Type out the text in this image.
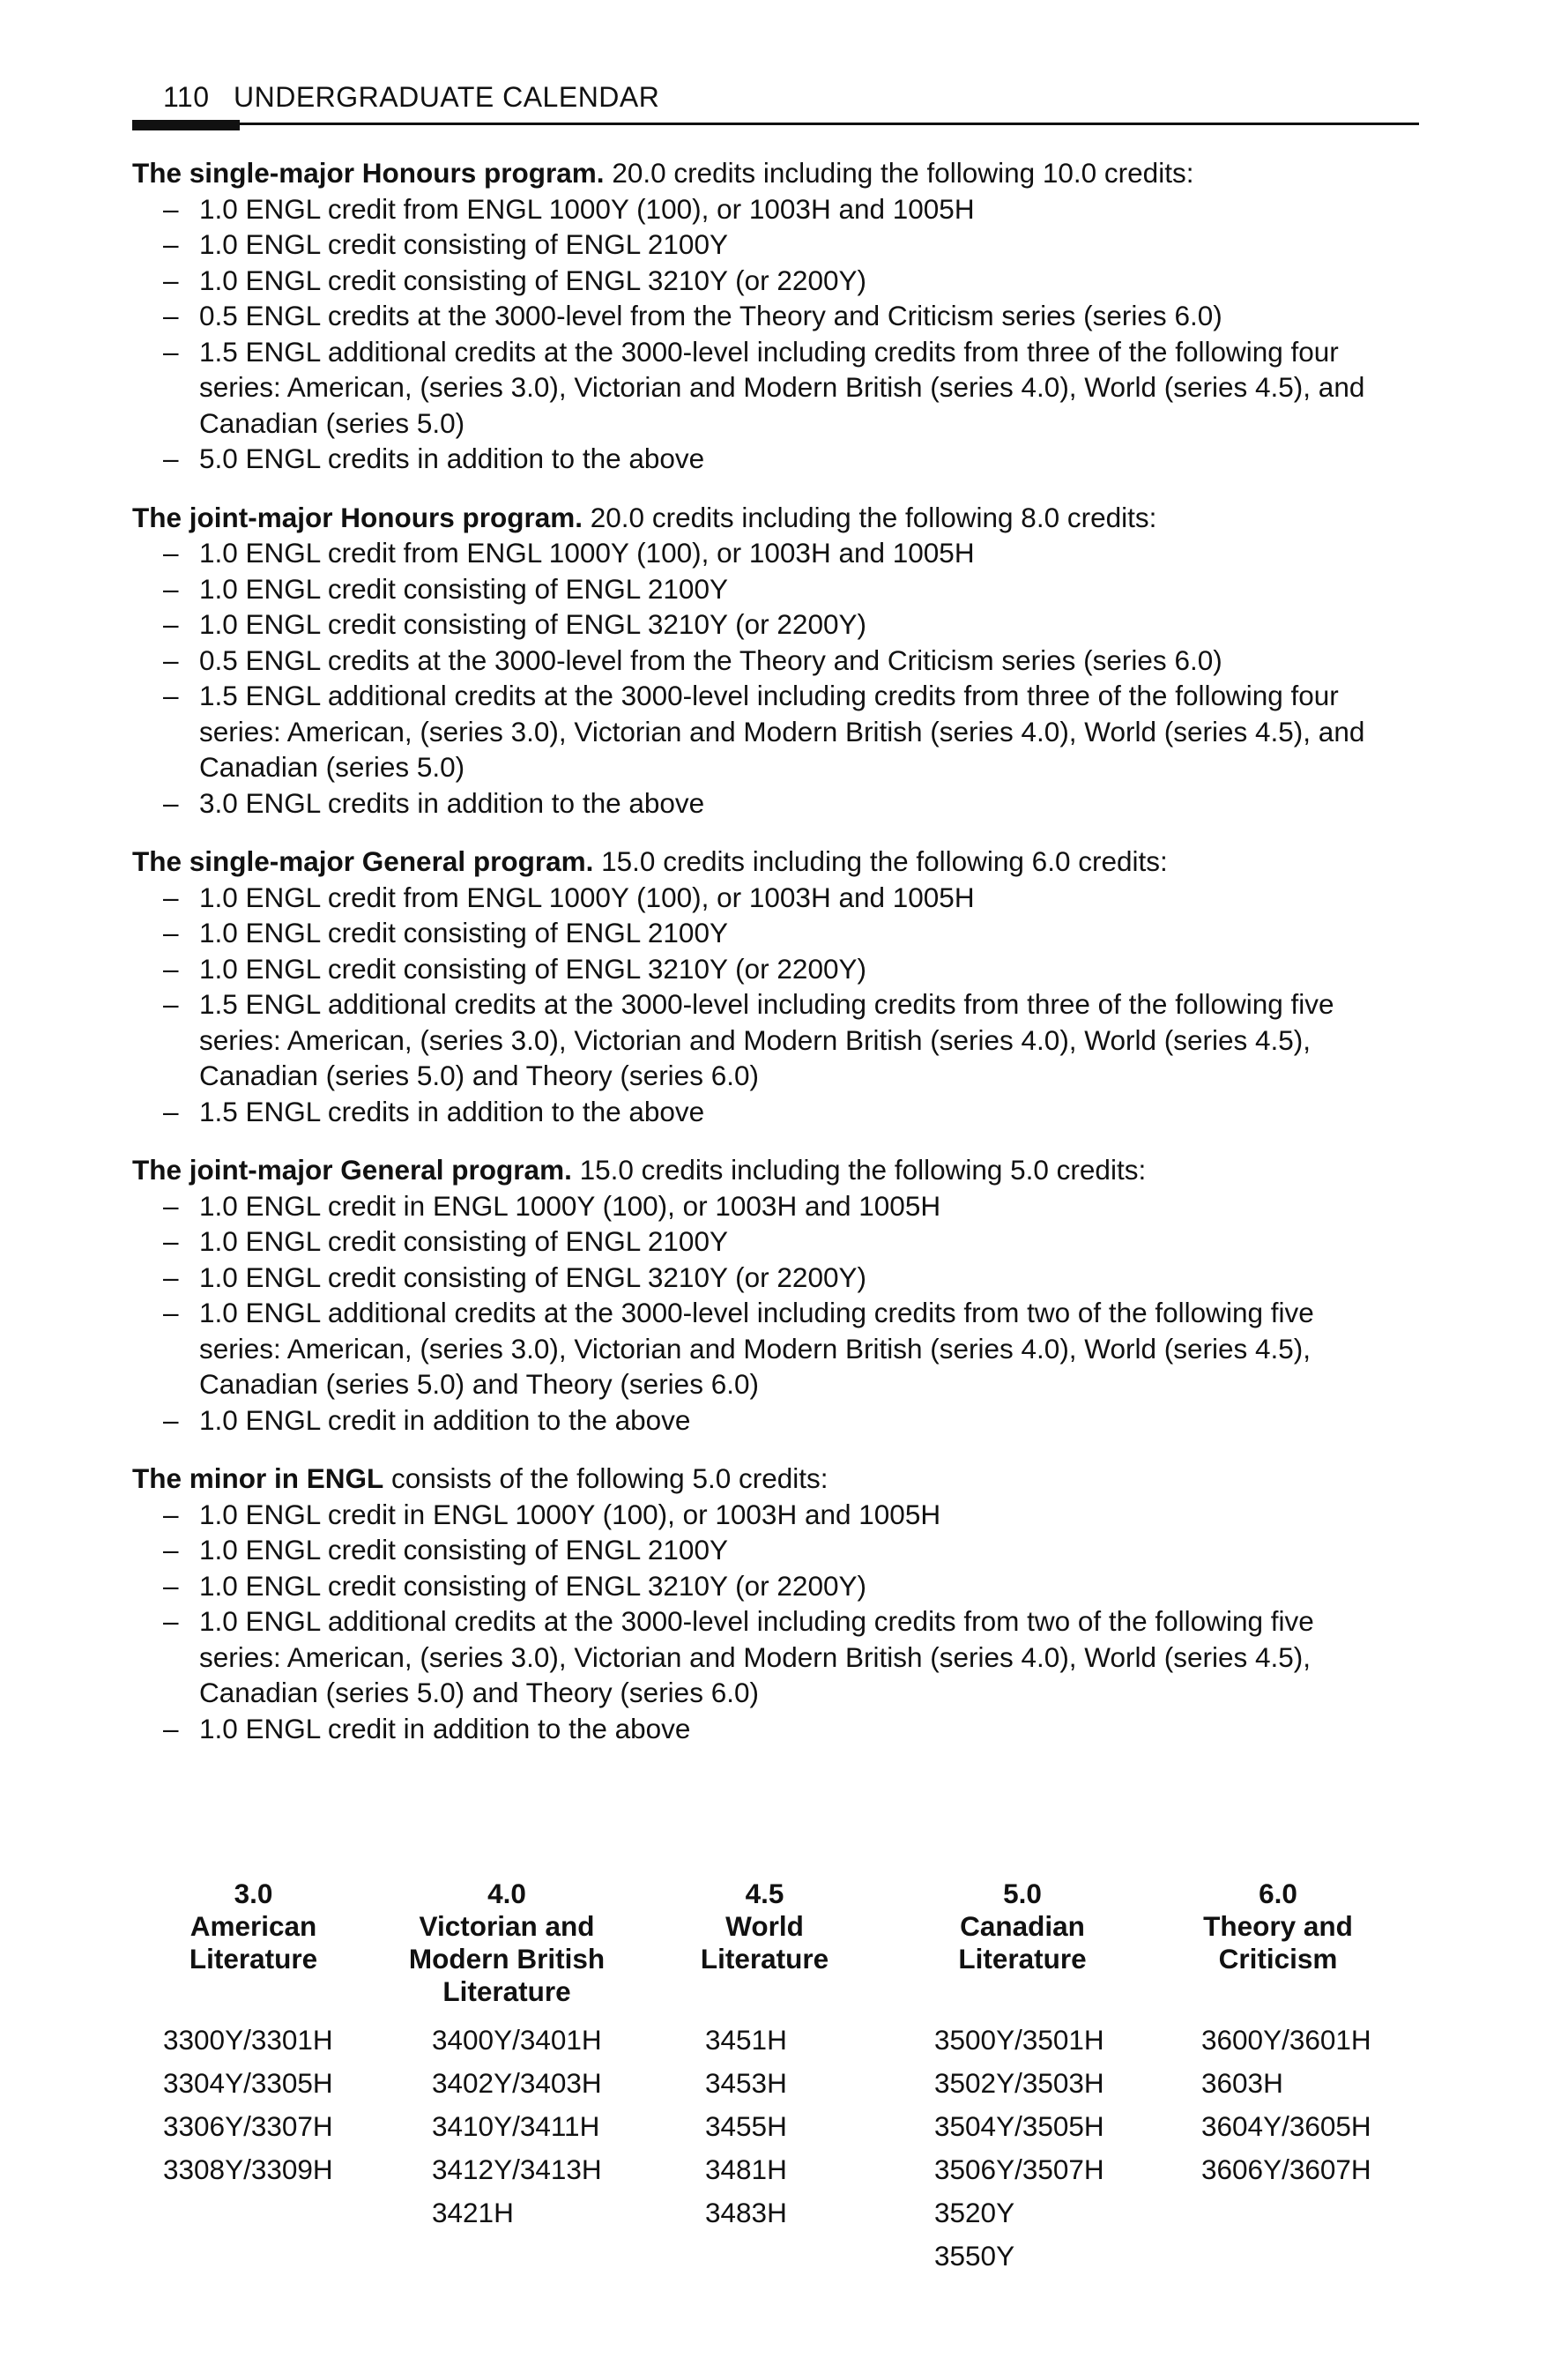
110 UNDERGRADUATE CALENDAR

The single-major Honours program. 20.0 credits including the following 10.0 credits:

– 1.0 ENGL credit from ENGL 1000Y (100), or 1003H and 1005H
– 1.0 ENGL credit consisting of ENGL 2100Y
– 1.0 ENGL credit consisting of ENGL 3210Y (or 2200Y)
– 0.5 ENGL credits at the 3000-level from the Theory and Criticism series (series 6.0)
– 1.5 ENGL additional credits at the 3000-level including credits from three of the following four series: American, (series 3.0), Victorian and Modern British (series 4.0), World (series 4.5), and Canadian (series 5.0)
– 5.0 ENGL credits in addition to the above

The joint-major Honours program. 20.0 credits including the following 8.0 credits:

– 1.0 ENGL credit from ENGL 1000Y (100), or 1003H and 1005H
– 1.0 ENGL credit consisting of ENGL 2100Y
– 1.0 ENGL credit consisting of ENGL 3210Y (or 2200Y)
– 0.5 ENGL credits at the 3000-level from the Theory and Criticism series (series 6.0)
– 1.5 ENGL additional credits at the 3000-level including credits from three of the following four series: American, (series 3.0), Victorian and Modern British (series 4.0), World (series 4.5), and Canadian (series 5.0)
– 3.0 ENGL credits in addition to the above

The single-major General program. 15.0 credits including the following 6.0 credits:

– 1.0 ENGL credit from ENGL 1000Y (100), or 1003H and 1005H
– 1.0 ENGL credit consisting of ENGL 2100Y
– 1.0 ENGL credit consisting of ENGL 3210Y (or 2200Y)
– 1.5 ENGL additional credits at the 3000-level including credits from three of the following five series: American, (series 3.0), Victorian and Modern British (series 4.0), World (series 4.5), Canadian (series 5.0) and Theory (series 6.0)
– 1.5 ENGL credits in addition to the above

The joint-major General program. 15.0 credits including the following 5.0 credits:

– 1.0 ENGL credit in ENGL 1000Y (100), or 1003H and 1005H
– 1.0 ENGL credit consisting of ENGL 2100Y
– 1.0 ENGL credit consisting of ENGL 3210Y (or 2200Y)
– 1.0 ENGL additional credits at the 3000-level including credits from two of the following five series: American, (series 3.0), Victorian and Modern British (series 4.0), World (series 4.5), Canadian (series 5.0) and Theory (series 6.0)
– 1.0 ENGL credit in addition to the above

The minor in ENGL consists of the following 5.0 credits:

– 1.0 ENGL credit in ENGL 1000Y (100), or 1003H and 1005H
– 1.0 ENGL credit consisting of ENGL 2100Y
– 1.0 ENGL credit consisting of ENGL 3210Y (or 2200Y)
– 1.0 ENGL additional credits at the 3000-level including credits from two of the following five series: American, (series 3.0), Victorian and Modern British (series 4.0), World (series 4.5), Canadian (series 5.0) and Theory (series 6.0)
– 1.0 ENGL credit in addition to the above
3.0
American
Literature
3300Y/3301H
3304Y/3305H
3306Y/3307H
3308Y/3309H
4.0
Victorian and
Modern British
Literature
3400Y/3401H
3402Y/3403H
3410Y/3411H
3412Y/3413H
3421H
4.5
World
Literature
3451H
3453H
3455H
3481H
3483H
5.0
Canadian
Literature
3500Y/3501H
3502Y/3503H
3504Y/3505H
3506Y/3507H
3520Y
3550Y
6.0
Theory and
Criticism
3600Y/3601H
3603H
3604Y/3605H
3606Y/3607H
